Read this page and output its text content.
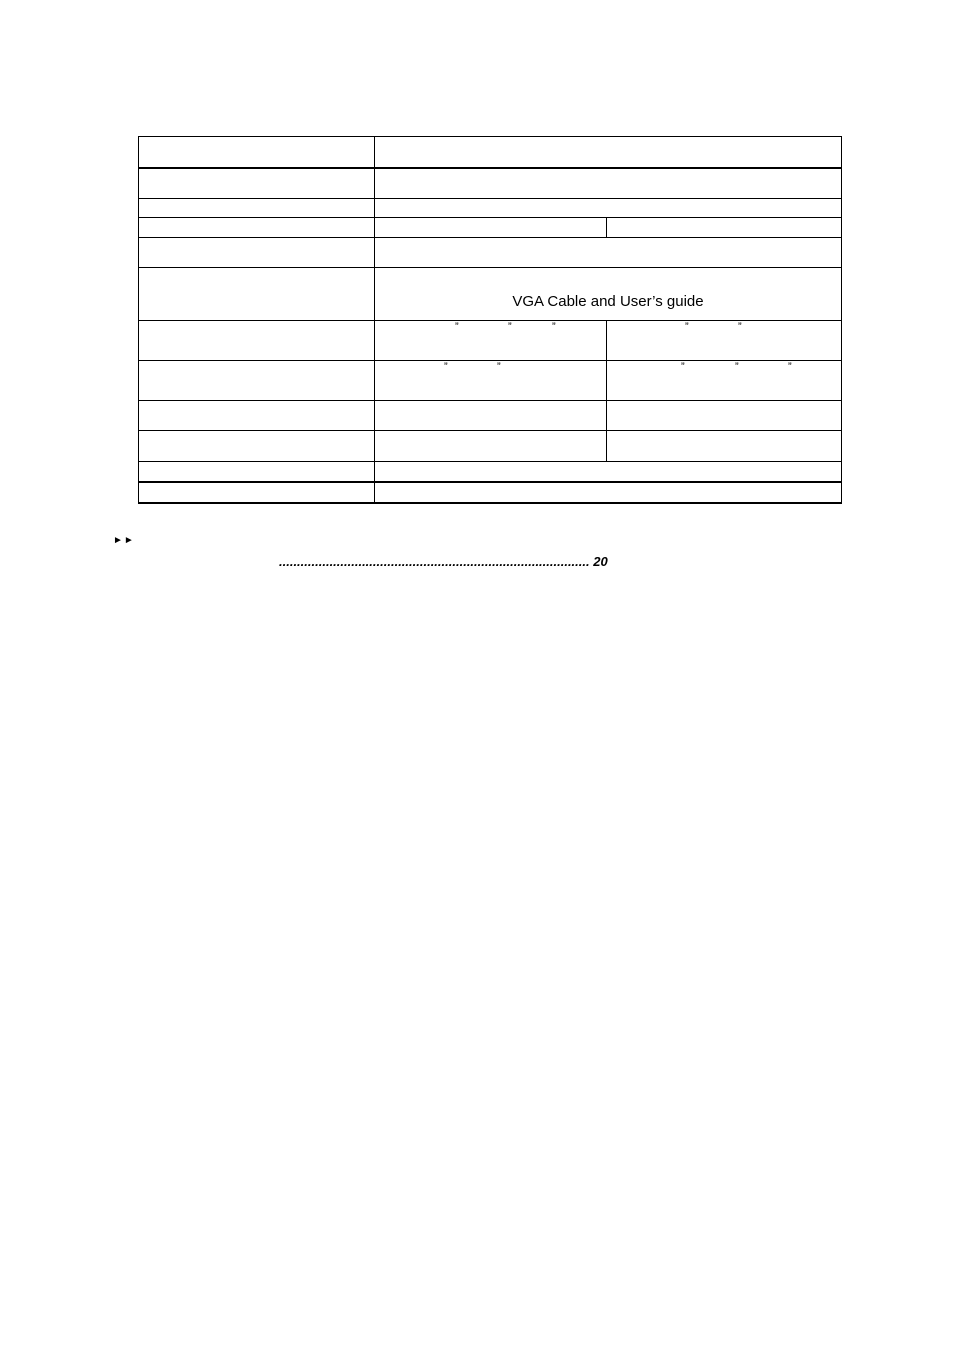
	VGA Cable and User’s guide	

	” ” ”	” ”

	” ”	” ” ”

►►
...................................................................................... 20
